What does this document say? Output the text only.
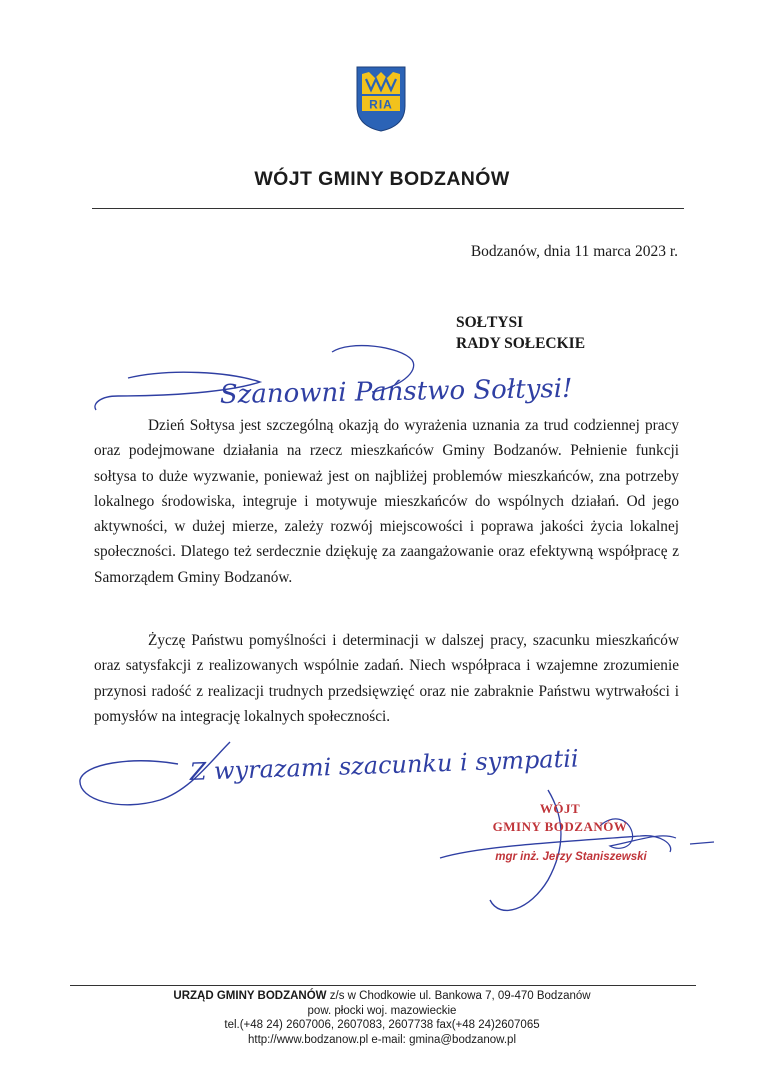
RIA
WÓJT GMINY BODZANÓW
Bodzanów, dnia 11 marca 2023 r.
SOŁTYSI
RADY SOŁECKIE

Dzień Sołtysa jest szczególną okazją do wyrażenia uznania za trud codziennej pracy oraz podejmowane działania na rzecz mieszkańców Gminy Bodzanów. Pełnienie funkcji sołtysa to duże wyzwanie, ponieważ jest on najbliżej problemów mieszkańców, zna potrzeby lokalnego środowiska, integruje i motywuje mieszkańców do wspólnych działań. Od jego aktywności, w dużej mierze, zależy rozwój miejscowości i poprawa jakości życia lokalnej społeczności. Dlatego też serdecznie dziękuję za zaangażowanie oraz efektywną współpracę z Samorządem Gminy Bodzanów.

Życzę Państwu pomyślności i determinacji w dalszej pracy, szacunku mieszkańców oraz satysfakcji z realizowanych wspólnie zadań. Niech współpraca i wzajemne zrozumienie przynosi radość z realizacji trudnych przedsięwzięć oraz nie zabraknie Państwu wytrwałości i pomysłów na integrację lokalnych społeczności.

Szanowni Państwo Sołtysi!
Z wyrazami szacunku i sympatii
WÓJT
GMINY BODZANÓW
mgr inż. Jerzy Staniszewski
URZĄD GMINY BODZANÓW z/s w Chodkowie ul. Bankowa 7, 09-470 Bodzanów
pow. płocki woj. mazowieckie
tel.(+48 24) 2607006, 2607083, 2607738 fax(+48 24)2607065
http://www.bodzanow.pl e-mail: gmina@bodzanow.pl
